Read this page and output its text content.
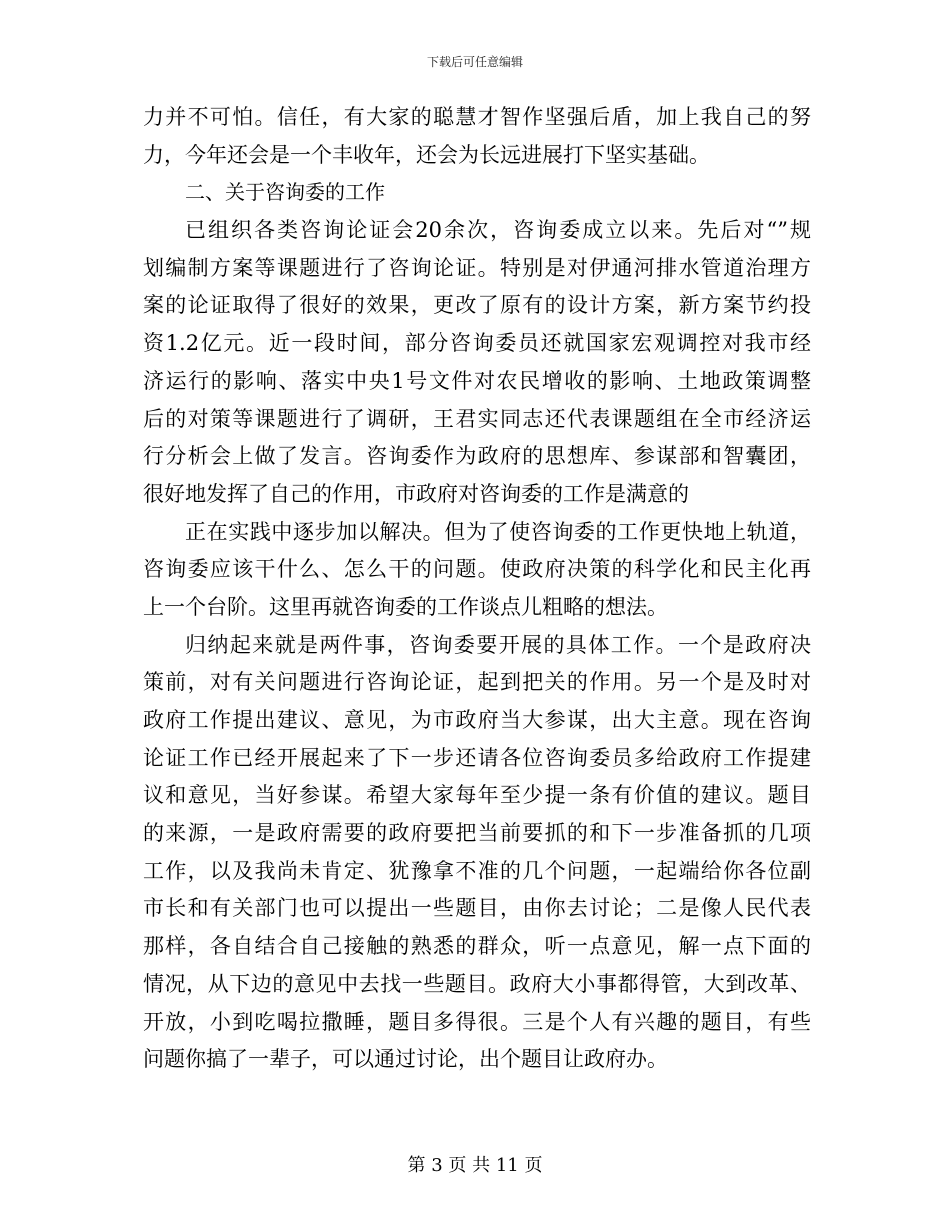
下载后可任意编辑
力并不可怕。信任，有大家的聪慧才智作坚强后盾，加上我自己的努
力，今年还会是一个丰收年，还会为长远进展打下坚实基础。
二、关于咨询委的工作
已组织各类咨询论证会20余次，咨询委成立以来。先后对“”规
划编制方案等课题进行了咨询论证。特别是对伊通河排水管道治理方
案的论证取得了很好的效果，更改了原有的设计方案，新方案节约投
资1.2亿元。近一段时间，部分咨询委员还就国家宏观调控对我市经
济运行的影响、落实中央1号文件对农民增收的影响、土地政策调整
后的对策等课题进行了调研，王君实同志还代表课题组在全市经济运
行分析会上做了发言。咨询委作为政府的思想库、参谋部和智囊团，
很好地发挥了自己的作用，市政府对咨询委的工作是满意的
正在实践中逐步加以解决。但为了使咨询委的工作更快地上轨道，
咨询委应该干什么、怎么干的问题。使政府决策的科学化和民主化再
上一个台阶。这里再就咨询委的工作谈点儿粗略的想法。
归纳起来就是两件事，咨询委要开展的具体工作。一个是政府决
策前，对有关问题进行咨询论证，起到把关的作用。另一个是及时对
政府工作提出建议、意见，为市政府当大参谋，出大主意。现在咨询
论证工作已经开展起来了下一步还请各位咨询委员多给政府工作提建
议和意见，当好参谋。希望大家每年至少提一条有价值的建议。题目
的来源，一是政府需要的政府要把当前要抓的和下一步准备抓的几项
工作，以及我尚未肯定、犹豫拿不准的几个问题，一起端给你各位副
市长和有关部门也可以提出一些题目，由你去讨论；二是像人民代表
那样，各自结合自己接触的熟悉的群众，听一点意见，解一点下面的
情况，从下边的意见中去找一些题目。政府大小事都得管，大到改革、
开放，小到吃喝拉撒睡，题目多得很。三是个人有兴趣的题目，有些
问题你搞了一辈子，可以通过讨论，出个题目让政府办。
第 3 页 共 11 页
